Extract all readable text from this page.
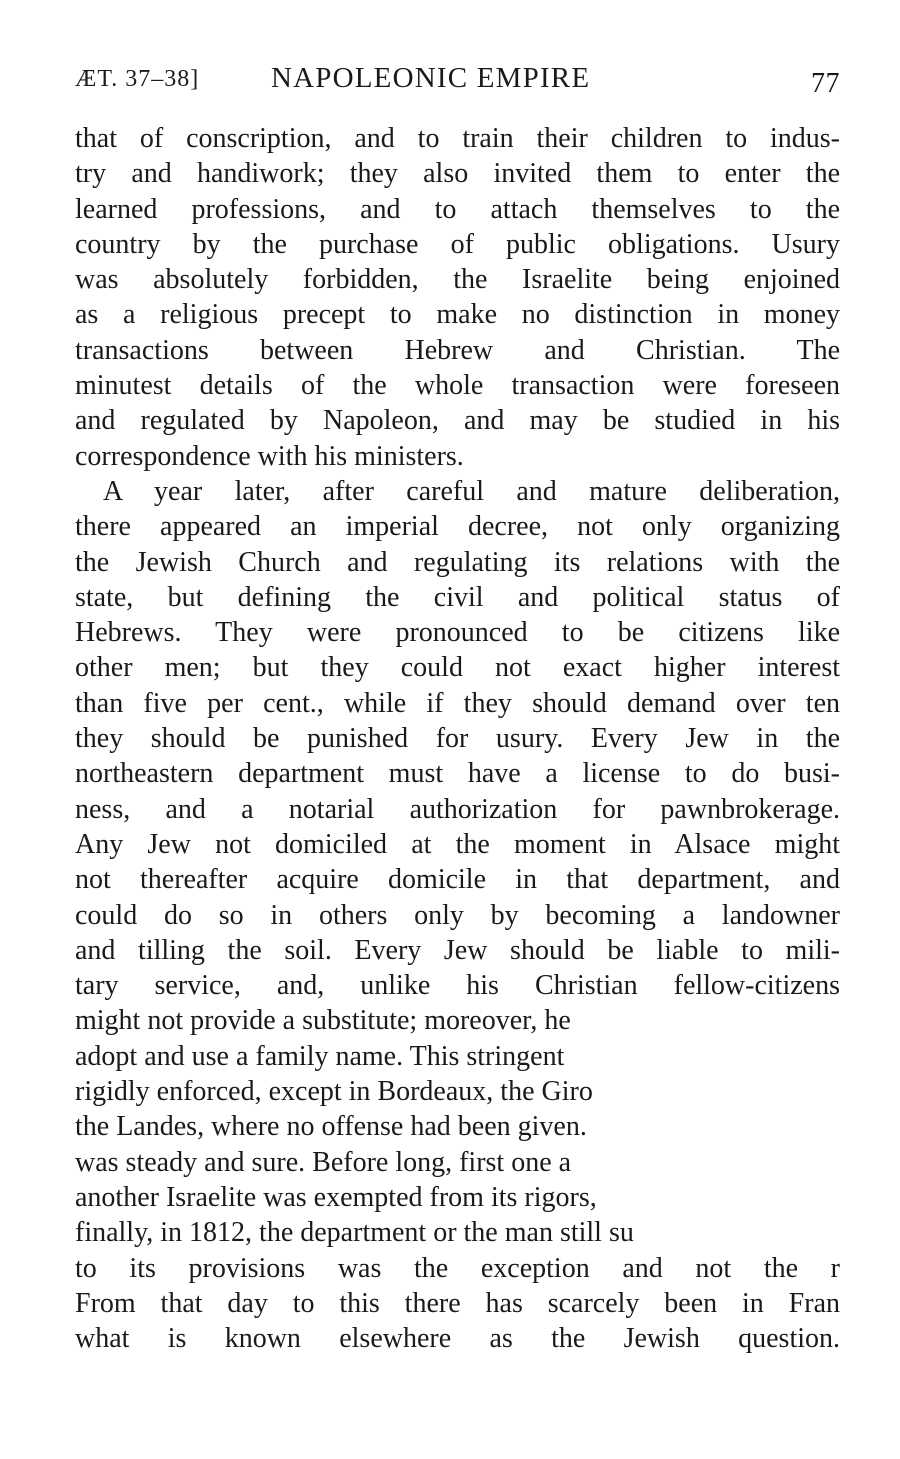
ÆT. 37–38] NAPOLEONIC EMPIRE	77
that of conscription, and to train their children to indus-
try and handiwork; they also invited them to enter the
learned professions, and to attach themselves to the
country by the purchase of public obligations. Usury
was absolutely forbidden, the Israelite being enjoined
as a religious precept to make no distinction in money
transactions between Hebrew and Christian. The
minutest details of the whole transaction were foreseen
and regulated by Napoleon, and may be studied in his
correspondence with his ministers.
A year later, after careful and mature deliberation,
there appeared an imperial decree, not only organizing
the Jewish Church and regulating its relations with the
state, but defining the civil and political status of
Hebrews. They were pronounced to be citizens like
other men; but they could not exact higher interest
than five per cent., while if they should demand over ten
they should be punished for usury. Every Jew in the
northeastern department must have a license to do busi-
ness, and a notarial authorization for pawnbrokerage.
Any Jew not domiciled at the moment in Alsace might
not thereafter acquire domicile in that department, and
could do so in others only by becoming a landowner
and tilling the soil. Every Jew should be liable to mili-
tary service, and, unlike his Christian fellow-citizens
might not provide a substitute; moreover, he
adopt and use a family name. This stringent
rigidly enforced, except in Bordeaux, the Giro
the Landes, where no offense had been given.
was steady and sure. Before long, first one a
another Israelite was exempted from its rigors,
finally, in 1812, the department or the man still su
to its provisions was the exception and not the r
From that day to this there has scarcely been in Fran
what is known elsewhere as the Jewish question.
